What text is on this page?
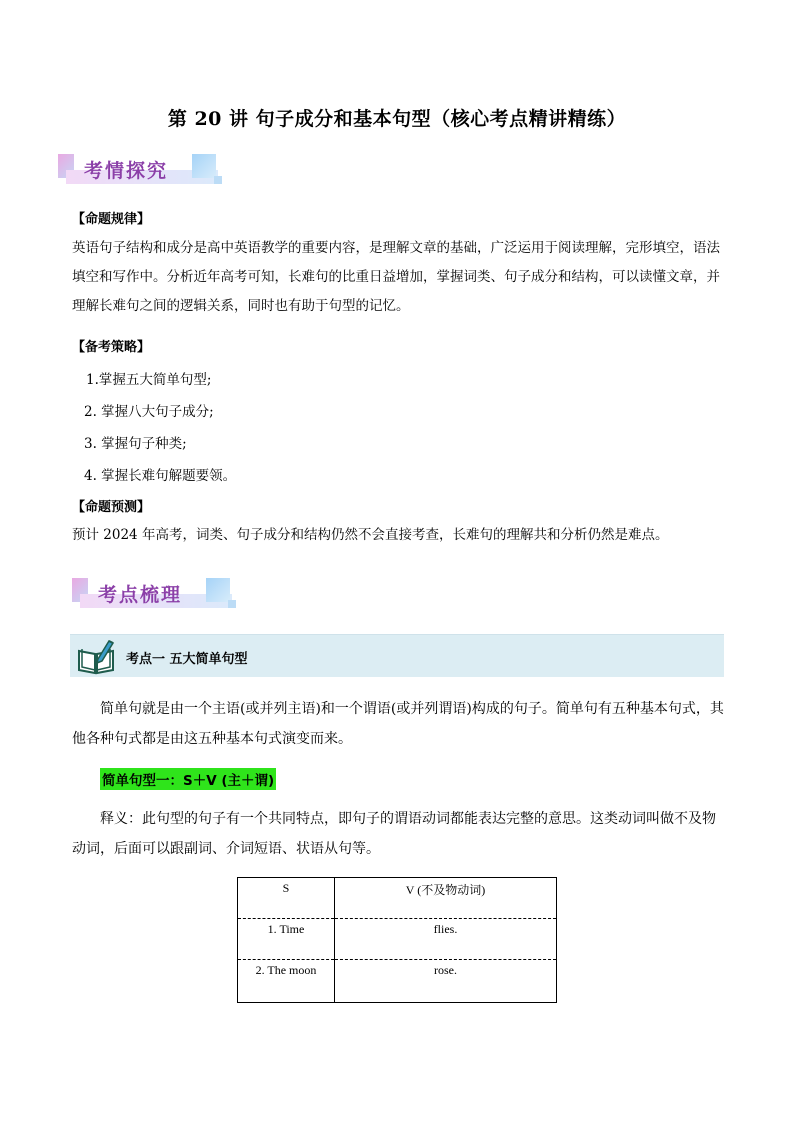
第 20 讲 句子成分和基本句型（核心考点精讲精练）
考情探究
【命题规律】
英语句子结构和成分是高中英语教学的重要内容，是理解文章的基础，广泛运用于阅读理解，完形填空，语法填空和写作中。分析近年高考可知，长难句的比重日益增加，掌握词类、句子成分和结构，可以读懂文章，并理解长难句之间的逻辑关系，同时也有助于句型的记忆。
【备考策略】
1.掌握五大简单句型;
2. 掌握八大句子成分;
3. 掌握句子种类;
4. 掌握长难句解题要领。
【命题预测】
预计 2024 年高考，词类、句子成分和结构仍然不会直接考查，长难句的理解共和分析仍然是难点。
考点梳理
考点一 五大简单句型
简单句就是由一个主语(或并列主语)和一个谓语(或并列谓语)构成的句子。简单句有五种基本句式，其他各种句式都是由这五种基本句式演变而来。
简单句型一：S＋V (主＋谓)
释义：此句型的句子有一个共同特点，即句子的谓语动词都能表达完整的意思。这类动词叫做不及物动词，后面可以跟副词、介词短语、状语从句等。
S	V (不及物动词)
1. Time	flies.
2. The moon	rose.
